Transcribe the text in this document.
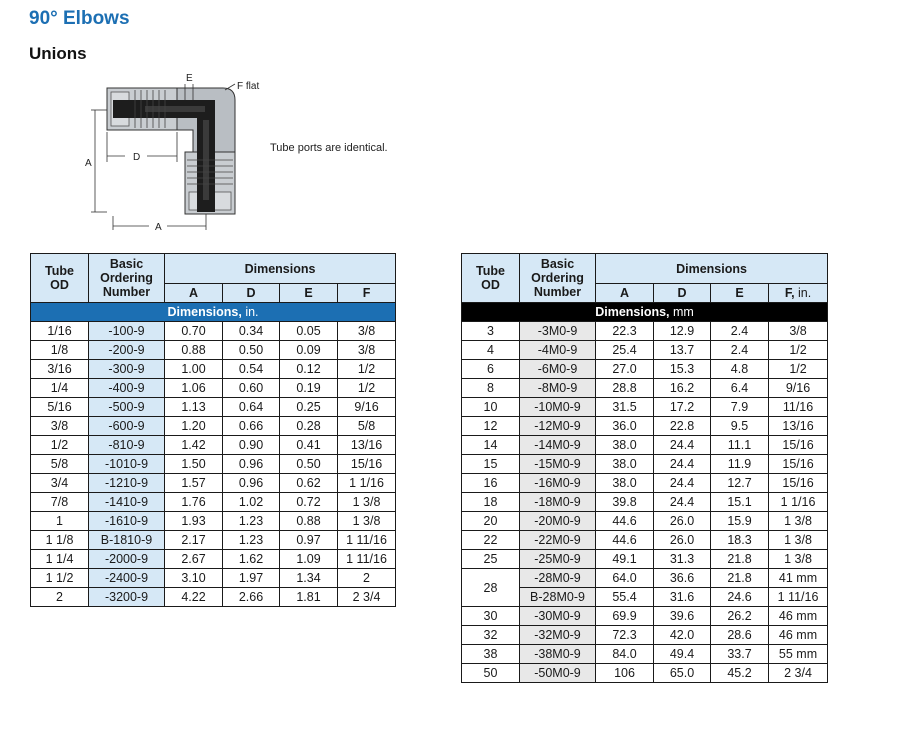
90° Elbows
Unions
E
F flat
A
D
A
Tube ports are identical.
Tube OD	Basic Ordering Number	Dimensions			
		A	D	E	F
Dimensions, in.					
1/16	-100-9	0.70	0.34	0.05	3/8
1/8	-200-9	0.88	0.50	0.09	3/8
3/16	-300-9	1.00	0.54	0.12	1/2
1/4	-400-9	1.06	0.60	0.19	1/2
5/16	-500-9	1.13	0.64	0.25	9/16
3/8	-600-9	1.20	0.66	0.28	5/8
1/2	-810-9	1.42	0.90	0.41	13/16
5/8	-1010-9	1.50	0.96	0.50	15/16
3/4	-1210-9	1.57	0.96	0.62	1 1/16
7/8	-1410-9	1.76	1.02	0.72	1 3/8
1	-1610-9	1.93	1.23	0.88	1 3/8
1 1/8	B-1810-9	2.17	1.23	0.97	1 11/16
1 1/4	-2000-9	2.67	1.62	1.09	1 11/16
1 1/2	-2400-9	3.10	1.97	1.34	2
2	-3200-9	4.22	2.66	1.81	2 3/4
Tube OD	Basic Ordering Number	Dimensions			
		A	D	E	F, in.
Dimensions, mm					
3	-3M0-9	22.3	12.9	2.4	3/8
4	-4M0-9	25.4	13.7	2.4	1/2
6	-6M0-9	27.0	15.3	4.8	1/2
8	-8M0-9	28.8	16.2	6.4	9/16
10	-10M0-9	31.5	17.2	7.9	11/16
12	-12M0-9	36.0	22.8	9.5	13/16
14	-14M0-9	38.0	24.4	11.1	15/16
15	-15M0-9	38.0	24.4	11.9	15/16
16	-16M0-9	38.0	24.4	12.7	15/16
18	-18M0-9	39.8	24.4	15.1	1 1/16
20	-20M0-9	44.6	26.0	15.9	1 3/8
22	-22M0-9	44.6	26.0	18.3	1 3/8
25	-25M0-9	49.1	31.3	21.8	1 3/8
28	-28M0-9	64.0	36.6	21.8	41 mm
	B-28M0-9	55.4	31.6	24.6	1 11/16
30	-30M0-9	69.9	39.6	26.2	46 mm
32	-32M0-9	72.3	42.0	28.6	46 mm
38	-38M0-9	84.0	49.4	33.7	55 mm
50	-50M0-9	106	65.0	45.2	2 3/4
